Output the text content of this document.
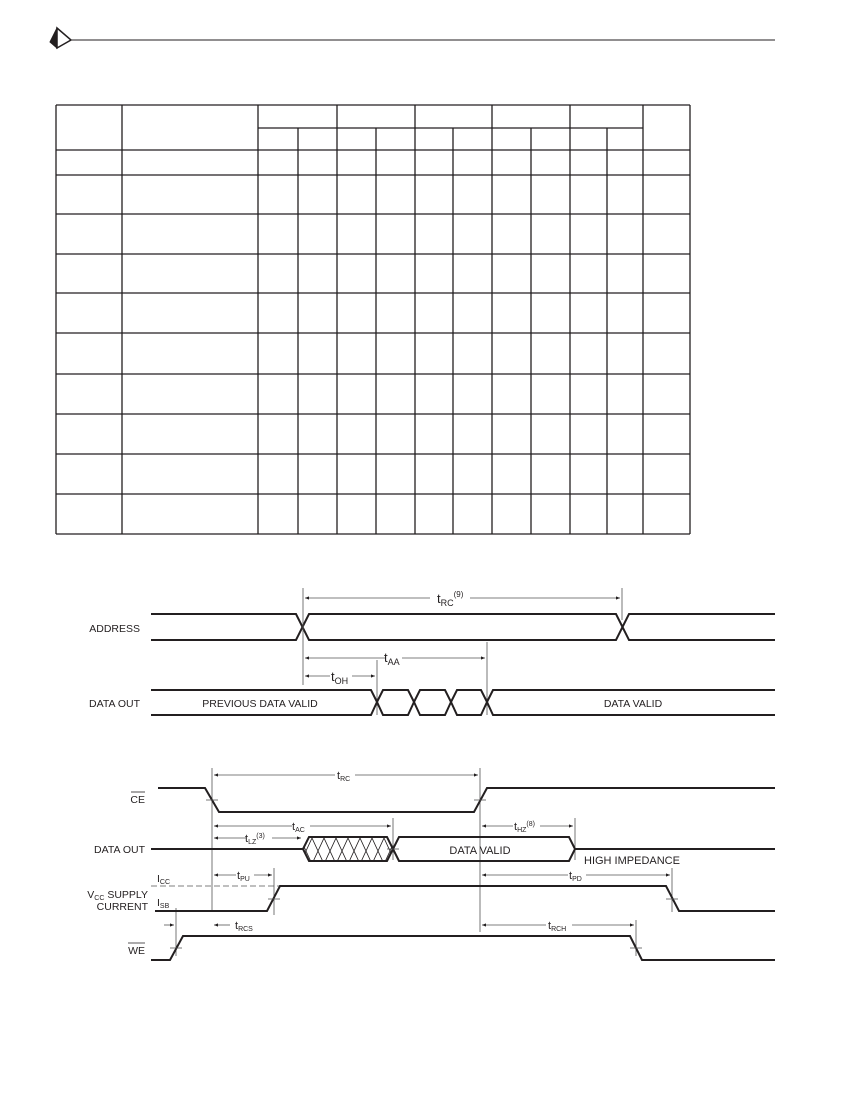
ADDRESS
$t_{RC}^{(9)}$
$t_{AA}$
$t_{OH}$
DATA OUT	PREVIOUS DATA VALID	DATA VALID
CE
tRC
tAC
tLZ$^{(3)}$
tHZ$^{(8)}$
DATA OUT	DATA VALID
HIGH IMPEDANCE
tPU	tPD
VCC SUPPLY
CURRENT
ICC
ISB
tRCS	tRCH
WE
